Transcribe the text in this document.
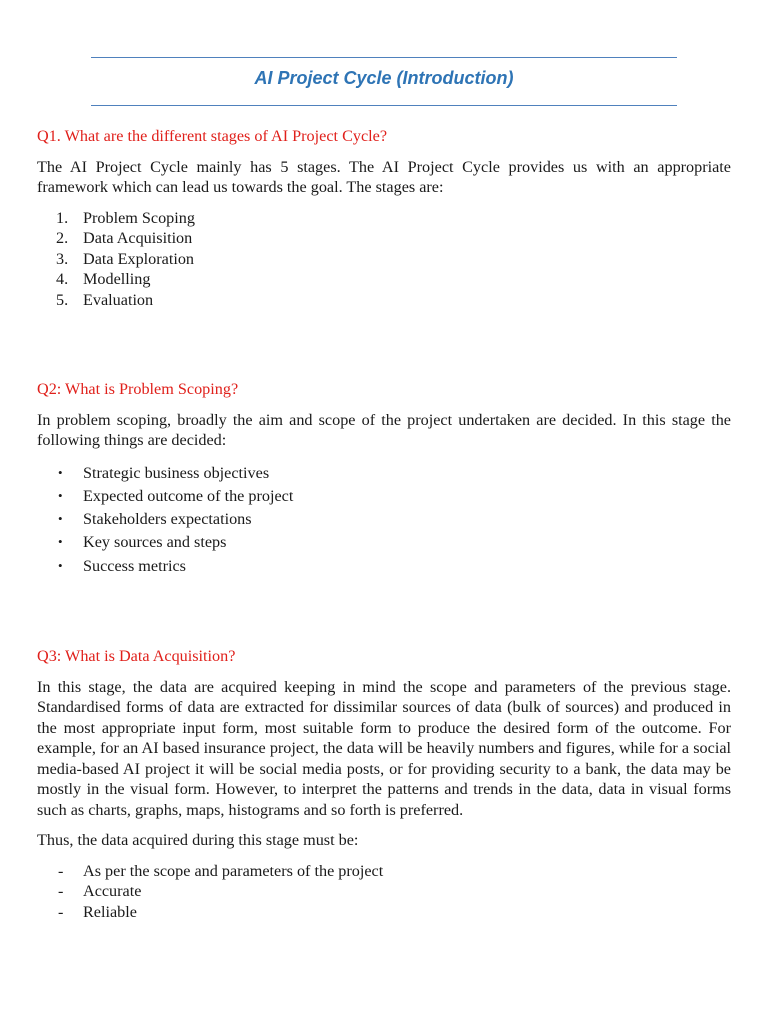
AI Project Cycle (Introduction)

Q1. What are the different stages of AI Project Cycle?

The AI Project Cycle mainly has 5 stages. The AI Project Cycle provides us with an appropriate framework which can lead us towards the goal. The stages are:

1. Problem Scoping
2. Data Acquisition
3. Data Exploration
4. Modelling
5. Evaluation

Q2: What is Problem Scoping?

In problem scoping, broadly the aim and scope of the project undertaken are decided. In this stage the following things are decided:

• Strategic business objectives
• Expected outcome of the project
• Stakeholders expectations
• Key sources and steps
• Success metrics

Q3: What is Data Acquisition?

In this stage, the data are acquired keeping in mind the scope and parameters of the previous stage. Standardised forms of data are extracted for dissimilar sources of data (bulk of sources) and produced in the most appropriate input form, most suitable form to produce the desired form of the outcome. For example, for an AI based insurance project, the data will be heavily numbers and figures, while for a social media-based AI project it will be social media posts, or for providing security to a bank, the data may be mostly in the visual form. However, to interpret the patterns and trends in the data, data in visual forms such as charts, graphs, maps, histograms and so forth is preferred.

Thus, the data acquired during this stage must be:

- As per the scope and parameters of the project
- Accurate
- Reliable
